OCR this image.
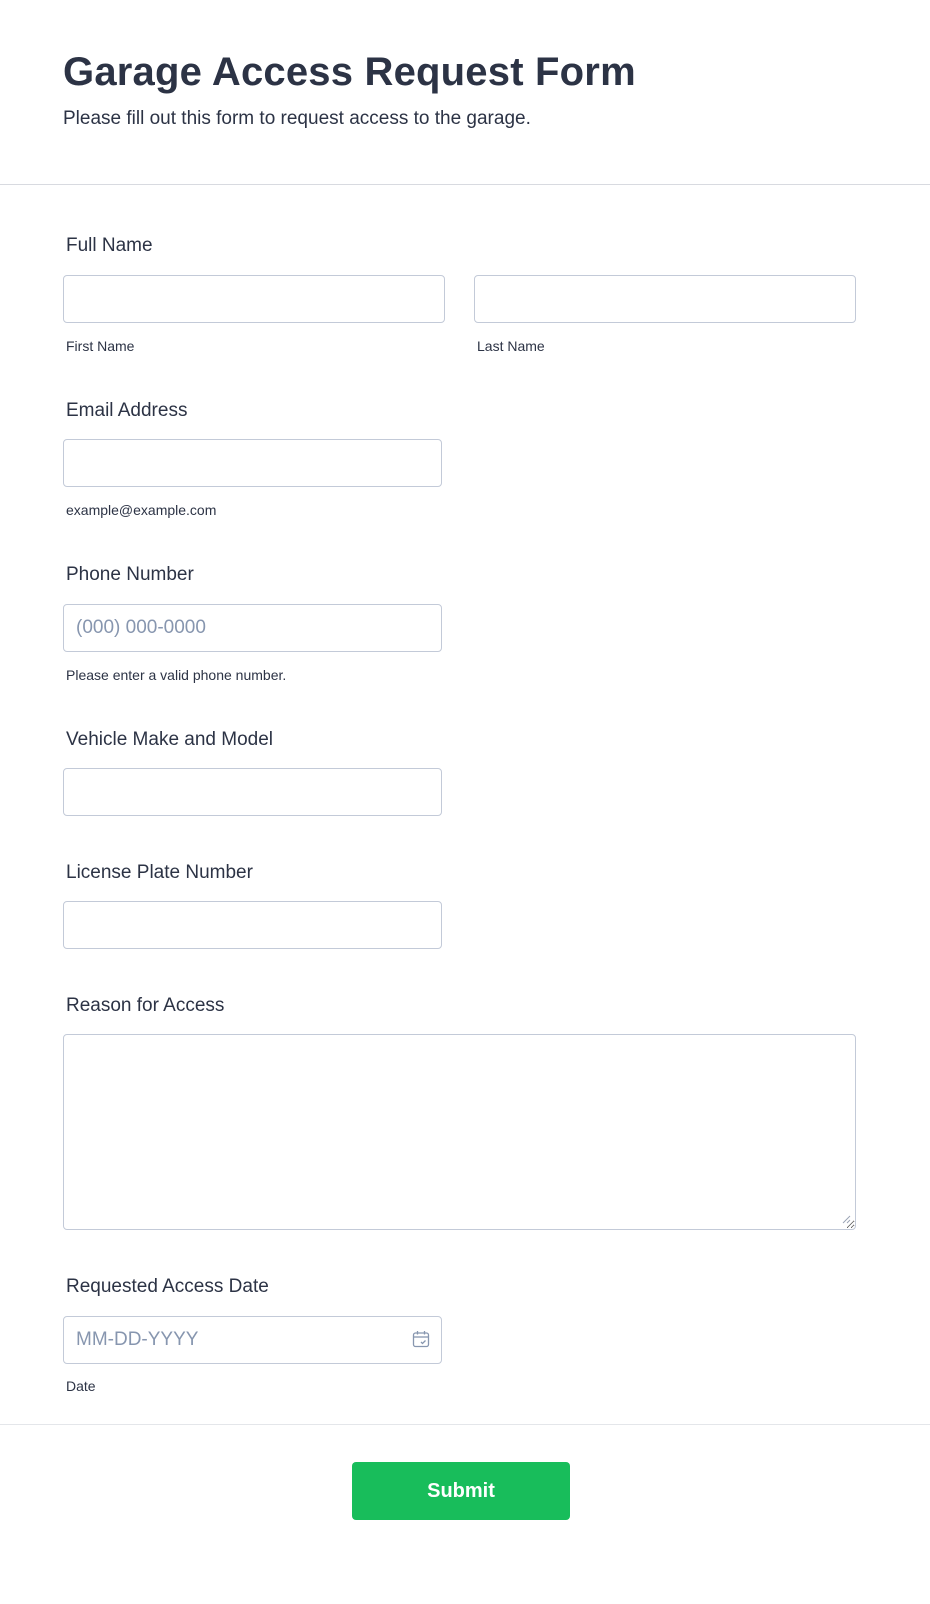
Garage Access Request Form
Please fill out this form to request access to the garage.
Full Name
First Name	Last Name
Email Address
example@example.com
Phone Number
(000) 000-0000
Please enter a valid phone number.
Vehicle Make and Model
License Plate Number
Reason for Access
Requested Access Date
MM-DD-YYYY
Date
Submit
